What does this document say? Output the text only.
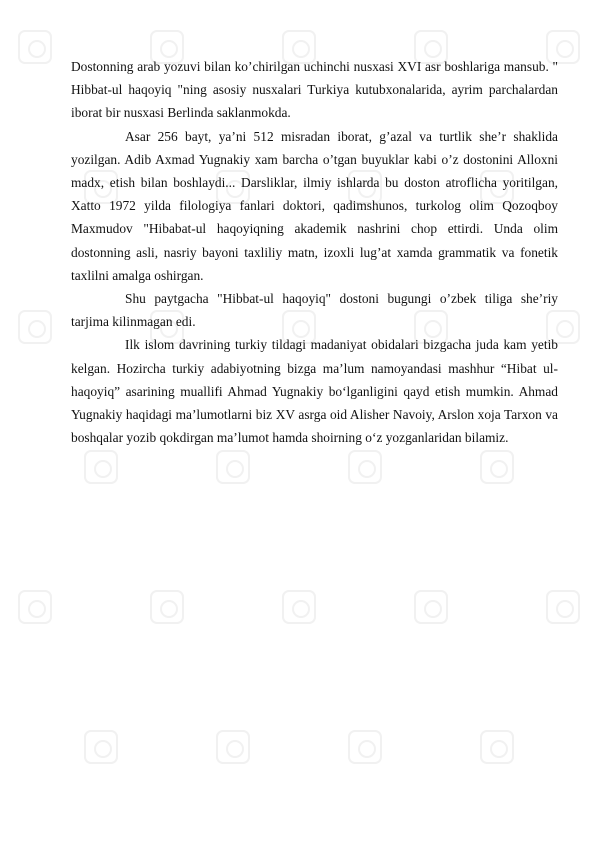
Dostonning arab yozuvi bilan ko’chirilgan uchinchi nusxasi XVI asr boshlariga mansub. " Hibbat-ul haqoyiq "ning asosiy nusxalari Turkiya kutubxonalarida, ayrim parchalardan iborat bir nusxasi Berlinda saklanmokda.

Asar 256 bayt, ya’ni 512 misradan iborat, g’azal va turtlik she’r shaklida yozilgan. Adib Axmad Yugnakiy xam barcha o’tgan buyuklar kabi o’z dostonini Alloxni madx, etish bilan boshlaydi... Darsliklar, ilmiy ishlarda bu doston atroflicha yoritilgan, Xatto 1972 yilda filologiya fanlari doktori, qadimshunos, turkolog olim Qozoqboy Maxmudov "Hibabat-ul haqoyiqning akademik nashrini chop ettirdi. Unda olim dostonning asli, nasriy bayoni taxliliy matn, izoxli lug’at xamda grammatik va fonetik taxlilni amalga oshirgan.

Shu paytgacha "Hibbat-ul haqoyiq" dostoni bugungi o’zbek tiliga she’riy tarjima kilinmagan edi.

Ilk islom davrining turkiy tildagi madaniyat obidalari bizgacha juda kam yetib kelgan. Hozircha turkiy adabiyotning bizga ma’lum namoyandasi mashhur “Hibat ul-haqoyiq” asarining muallifi Ahmad Yugnakiy bo‘lganligini qayd etish mumkin. Ahmad Yugnakiy haqidagi ma’lumotlarni biz XV asrga oid Alisher Navoiy, Arslon xoja Tarxon va boshqalar yozib qokdirgan ma’lumot hamda shoirning o‘z yozganlaridan bilamiz.
